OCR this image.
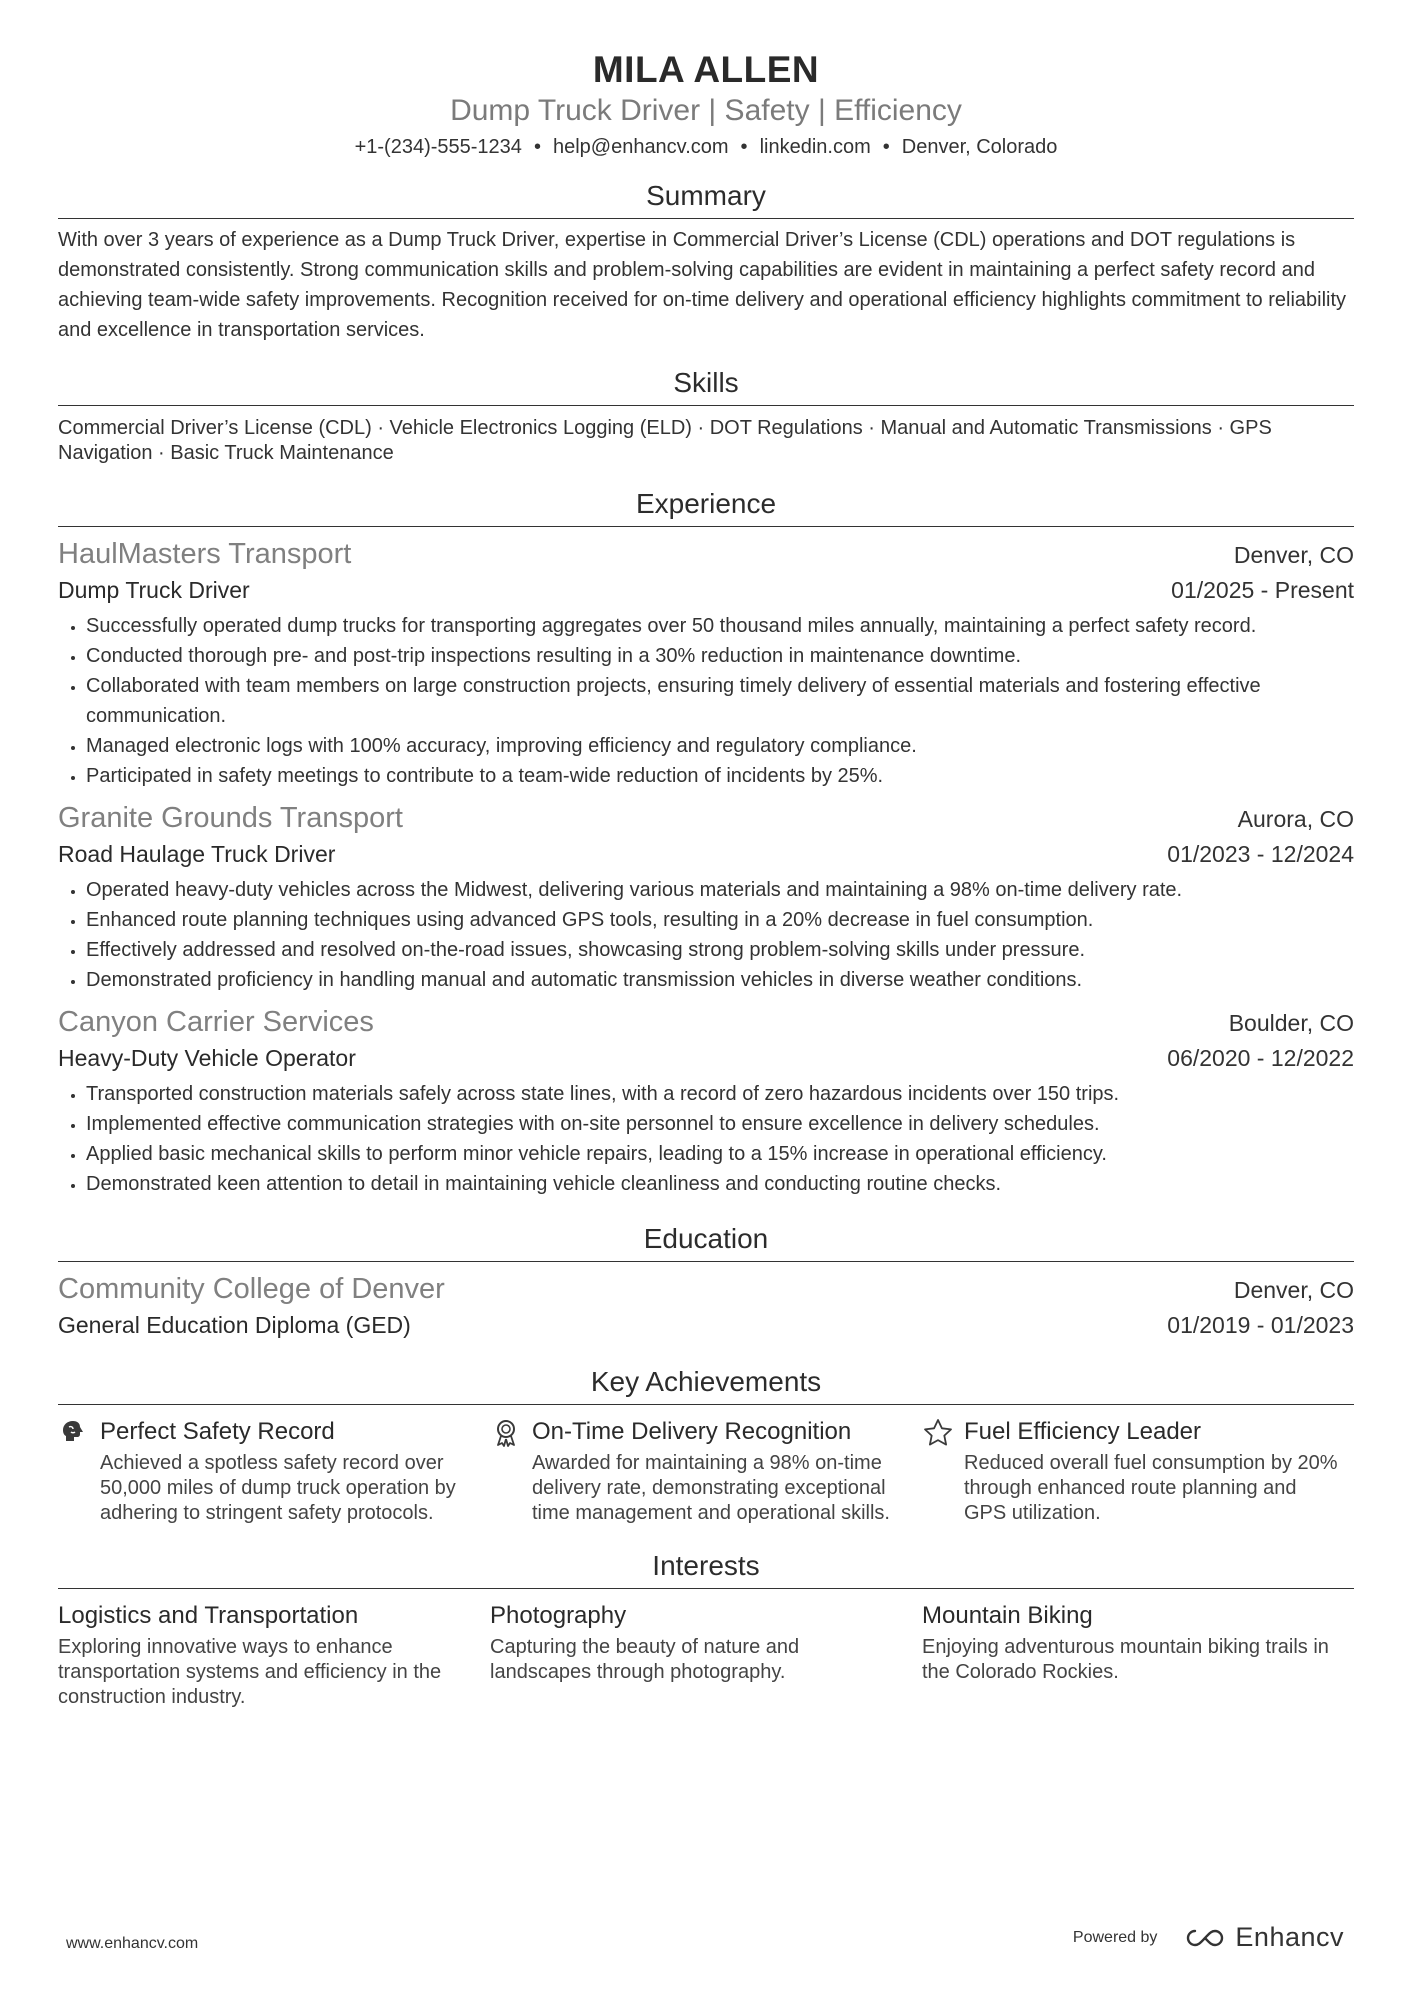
MILA ALLEN
Dump Truck Driver | Safety | Efficiency
+1-(234)-555-1234 • help@enhancv.com • linkedin.com • Denver, Colorado
Summary
With over 3 years of experience as a Dump Truck Driver, expertise in Commercial Driver’s License (CDL) operations and DOT regulations is demonstrated consistently. Strong communication skills and problem-solving capabilities are evident in maintaining a perfect safety record and achieving team-wide safety improvements. Recognition received for on-time delivery and operational efficiency highlights commitment to reliability and excellence in transportation services.
Skills
Commercial Driver’s License (CDL) · Vehicle Electronics Logging (ELD) · DOT Regulations · Manual and Automatic Transmissions · GPS Navigation · Basic Truck Maintenance
Experience
HaulMasters Transport	Denver, CO
Dump Truck Driver	01/2025 - Present
• Successfully operated dump trucks for transporting aggregates over 50 thousand miles annually, maintaining a perfect safety record.
• Conducted thorough pre- and post-trip inspections resulting in a 30% reduction in maintenance downtime.
• Collaborated with team members on large construction projects, ensuring timely delivery of essential materials and fostering effective communication.
• Managed electronic logs with 100% accuracy, improving efficiency and regulatory compliance.
• Participated in safety meetings to contribute to a team-wide reduction of incidents by 25%.
Granite Grounds Transport	Aurora, CO
Road Haulage Truck Driver	01/2023 - 12/2024
• Operated heavy-duty vehicles across the Midwest, delivering various materials and maintaining a 98% on-time delivery rate.
• Enhanced route planning techniques using advanced GPS tools, resulting in a 20% decrease in fuel consumption.
• Effectively addressed and resolved on-the-road issues, showcasing strong problem-solving skills under pressure.
• Demonstrated proficiency in handling manual and automatic transmission vehicles in diverse weather conditions.
Canyon Carrier Services	Boulder, CO
Heavy-Duty Vehicle Operator	06/2020 - 12/2022
• Transported construction materials safely across state lines, with a record of zero hazardous incidents over 150 trips.
• Implemented effective communication strategies with on-site personnel to ensure excellence in delivery schedules.
• Applied basic mechanical skills to perform minor vehicle repairs, leading to a 15% increase in operational efficiency.
• Demonstrated keen attention to detail in maintaining vehicle cleanliness and conducting routine checks.
Education
Community College of Denver	Denver, CO
General Education Diploma (GED)	01/2019 - 01/2023
Key Achievements
Perfect Safety Record
Achieved a spotless safety record over 50,000 miles of dump truck operation by adhering to stringent safety protocols.
On-Time Delivery Recognition
Awarded for maintaining a 98% on-time delivery rate, demonstrating exceptional time management and operational skills.
Fuel Efficiency Leader
Reduced overall fuel consumption by 20% through enhanced route planning and GPS utilization.
Interests
Logistics and Transportation
Exploring innovative ways to enhance transportation systems and efficiency in the construction industry.
Photography
Capturing the beauty of nature and landscapes through photography.
Mountain Biking
Enjoying adventurous mountain biking trails in the Colorado Rockies.
www.enhancv.com	Powered by	Enhancv
